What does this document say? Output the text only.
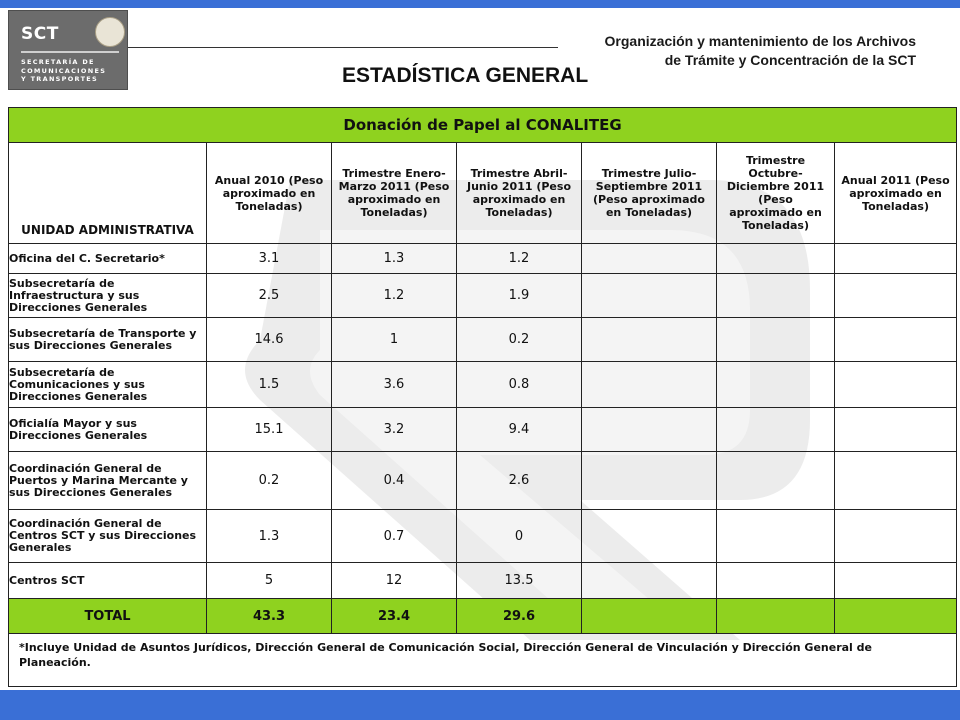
SCT
SECRETARÍA DE COMUNICACIONES Y TRANSPORTES
Organización y mantenimiento de los Archivos
de Trámite y Concentración de la SCT
ESTADÍSTICA GENERAL
Donación de Papel al CONALITEG						
UNIDAD ADMINISTRATIVA	Anual 2010 (Peso aproximado en Toneladas)	Trimestre Enero-Marzo 2011 (Peso aproximado en Toneladas)	Trimestre Abril-Junio 2011 (Peso aproximado en Toneladas)	Trimestre Julio-Septiembre 2011 (Peso aproximado en Toneladas)	Trimestre Octubre-Diciembre 2011 (Peso aproximado en Toneladas)	Anual 2011 (Peso aproximado en Toneladas)
Oficina del C. Secretario*	3.1	1.3	1.2			
Subsecretaría de Infraestructura y sus Direcciones Generales	2.5	1.2	1.9			
Subsecretaría de Transporte y sus Direcciones Generales	14.6	1	0.2			
Subsecretaría de Comunicaciones y sus Direcciones Generales	1.5	3.6	0.8			
Oficialía Mayor y sus Direcciones Generales	15.1	3.2	9.4			
Coordinación General de Puertos y Marina Mercante y sus Direcciones Generales	0.2	0.4	2.6			
Coordinación General de Centros SCT y sus Direcciones Generales	1.3	0.7	0			
Centros SCT	5	12	13.5			
TOTAL	43.3	23.4	29.6			
*Incluye Unidad de Asuntos Jurídicos, Dirección General de Comunicación Social, Dirección General de Vinculación y Dirección General de Planeación.						
